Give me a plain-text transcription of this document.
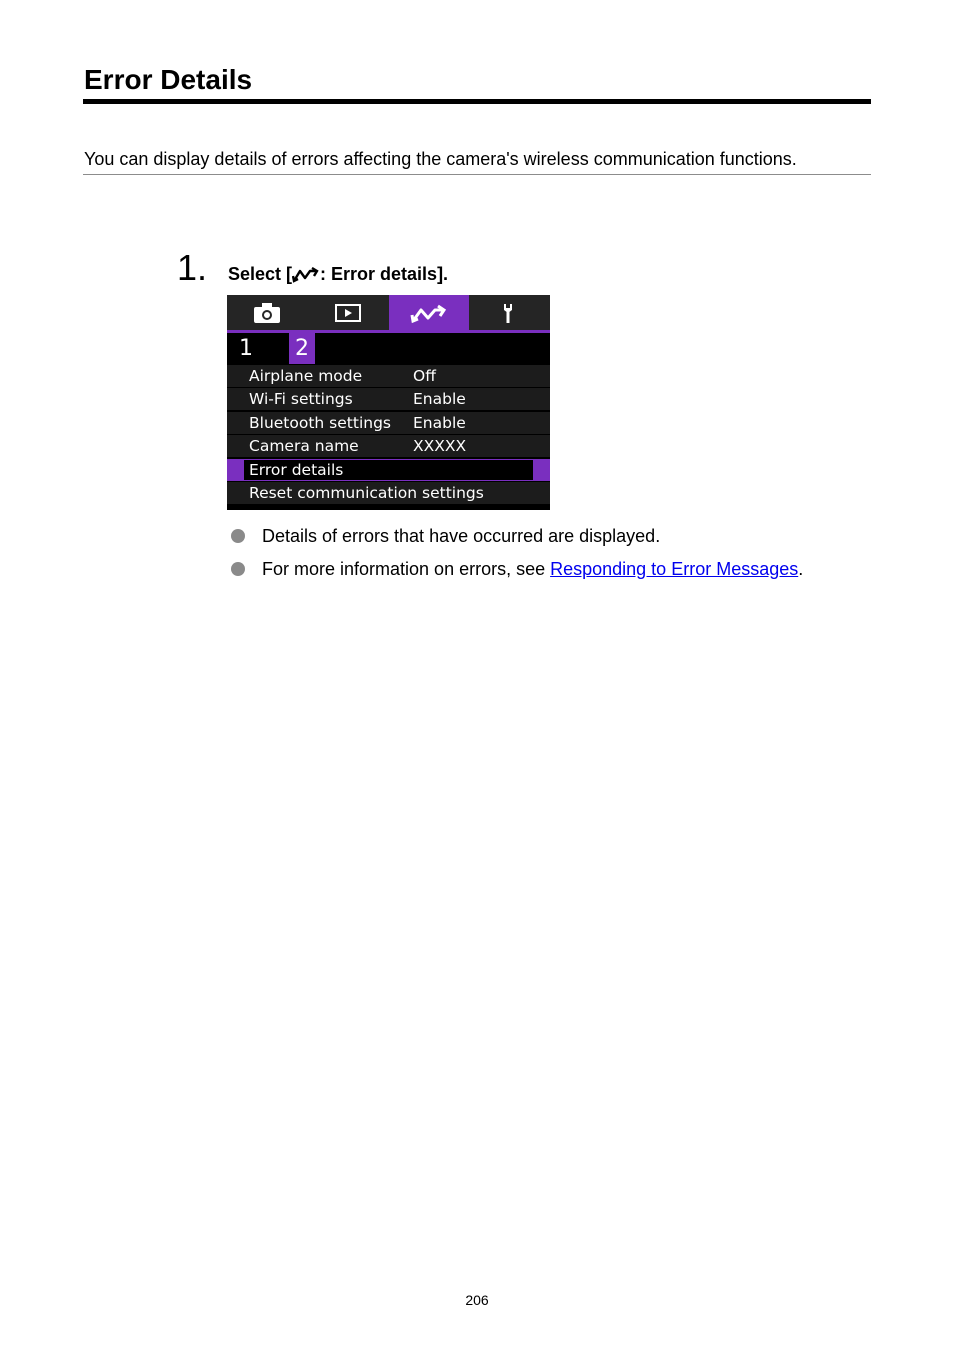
Error Details
You can display details of errors affecting the camera's wireless communication functions.
1. Select [ : Error details].
1 2
Airplane mode	Off
Wi-Fi settings	Enable
Bluetooth settings Enable
Camera name	XXXXX
Error details
Reset communication settings
Details of errors that have occurred are displayed.
For more information on errors, see Responding to Error Messages.
206
